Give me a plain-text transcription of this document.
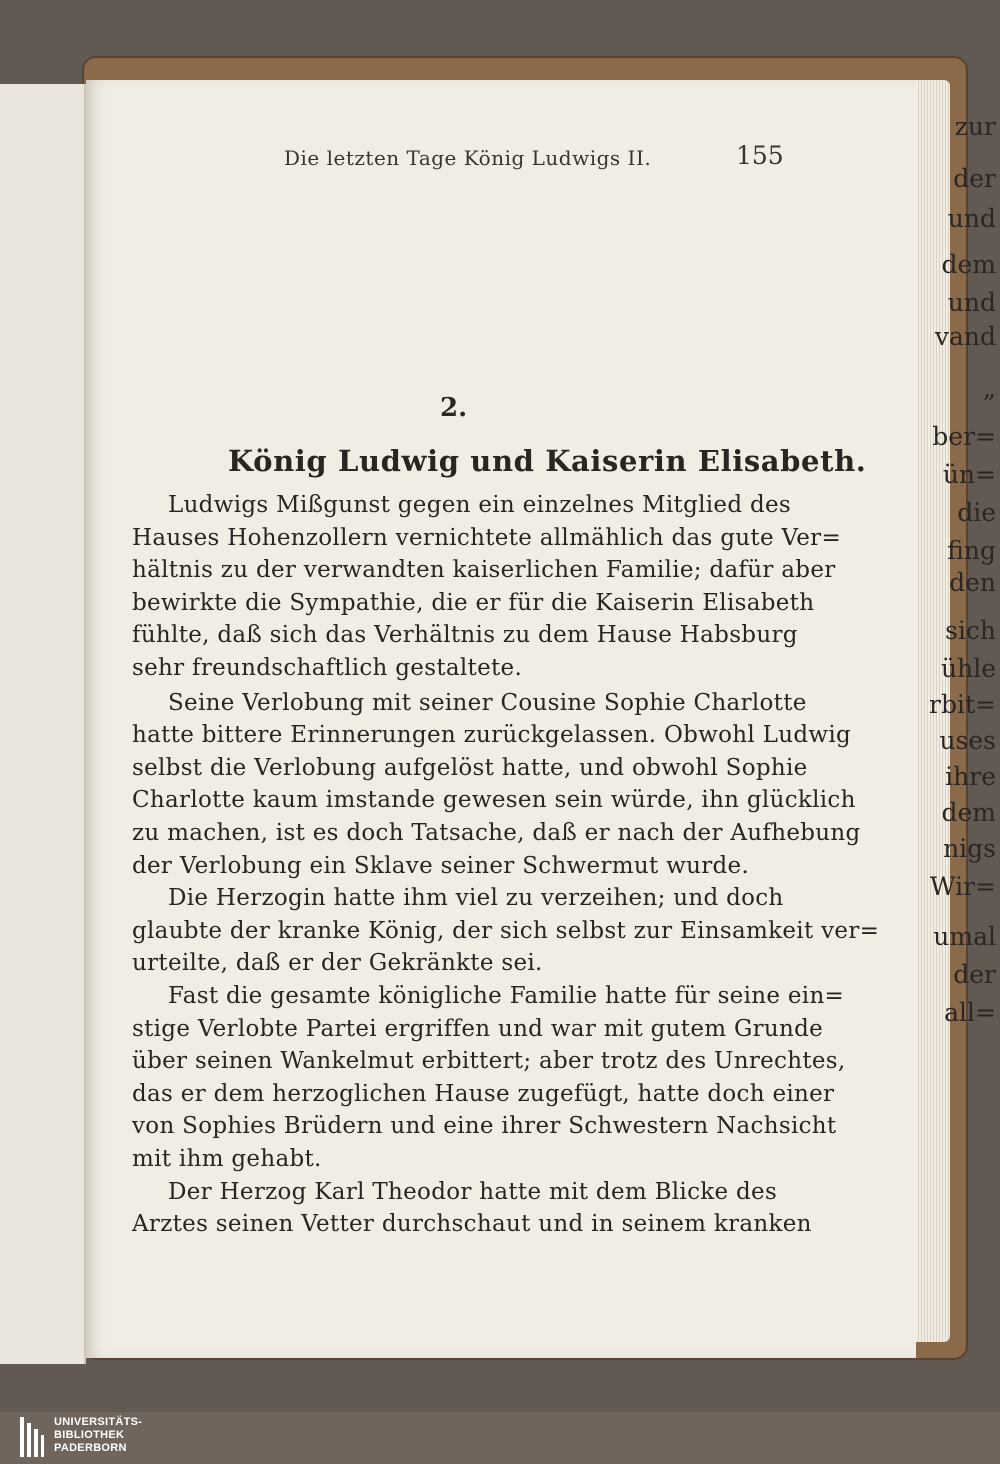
zur
der
und
dem
und
vand
„
ber=
ün=
die
fing
den
sich
ühle
rbit=
uses
ihre
dem
nigs
Wir=
umal
der
all=
Die letzten Tage König Ludwigs II.	155
2.
König Ludwig und Kaiserin Elisabeth.
Ludwigs Mißgunst gegen ein einzelnes Mitglied des
Hauses Hohenzollern vernichtete allmählich das gute Ver=
hältnis zu der verwandten kaiserlichen Familie; dafür aber
bewirkte die Sympathie, die er für die Kaiserin Elisabeth
fühlte, daß sich das Verhältnis zu dem Hause Habsburg
sehr freundschaftlich gestaltete.
Seine Verlobung mit seiner Cousine Sophie Charlotte
hatte bittere Erinnerungen zurückgelassen. Obwohl Ludwig
selbst die Verlobung aufgelöst hatte, und obwohl Sophie
Charlotte kaum imstande gewesen sein würde, ihn glücklich
zu machen, ist es doch Tatsache, daß er nach der Aufhebung
der Verlobung ein Sklave seiner Schwermut wurde.
Die Herzogin hatte ihm viel zu verzeihen; und doch
glaubte der kranke König, der sich selbst zur Einsamkeit ver=
urteilte, daß er der Gekränkte sei.
Fast die gesamte königliche Familie hatte für seine ein=
stige Verlobte Partei ergriffen und war mit gutem Grunde
über seinen Wankelmut erbittert; aber trotz des Unrechtes,
das er dem herzoglichen Hause zugefügt, hatte doch einer
von Sophies Brüdern und eine ihrer Schwestern Nachsicht
mit ihm gehabt.
Der Herzog Karl Theodor hatte mit dem Blicke des
Arztes seinen Vetter durchschaut und in seinem kranken
UNIVERSITÄTS-
BIBLIOTHEK
PADERBORN
